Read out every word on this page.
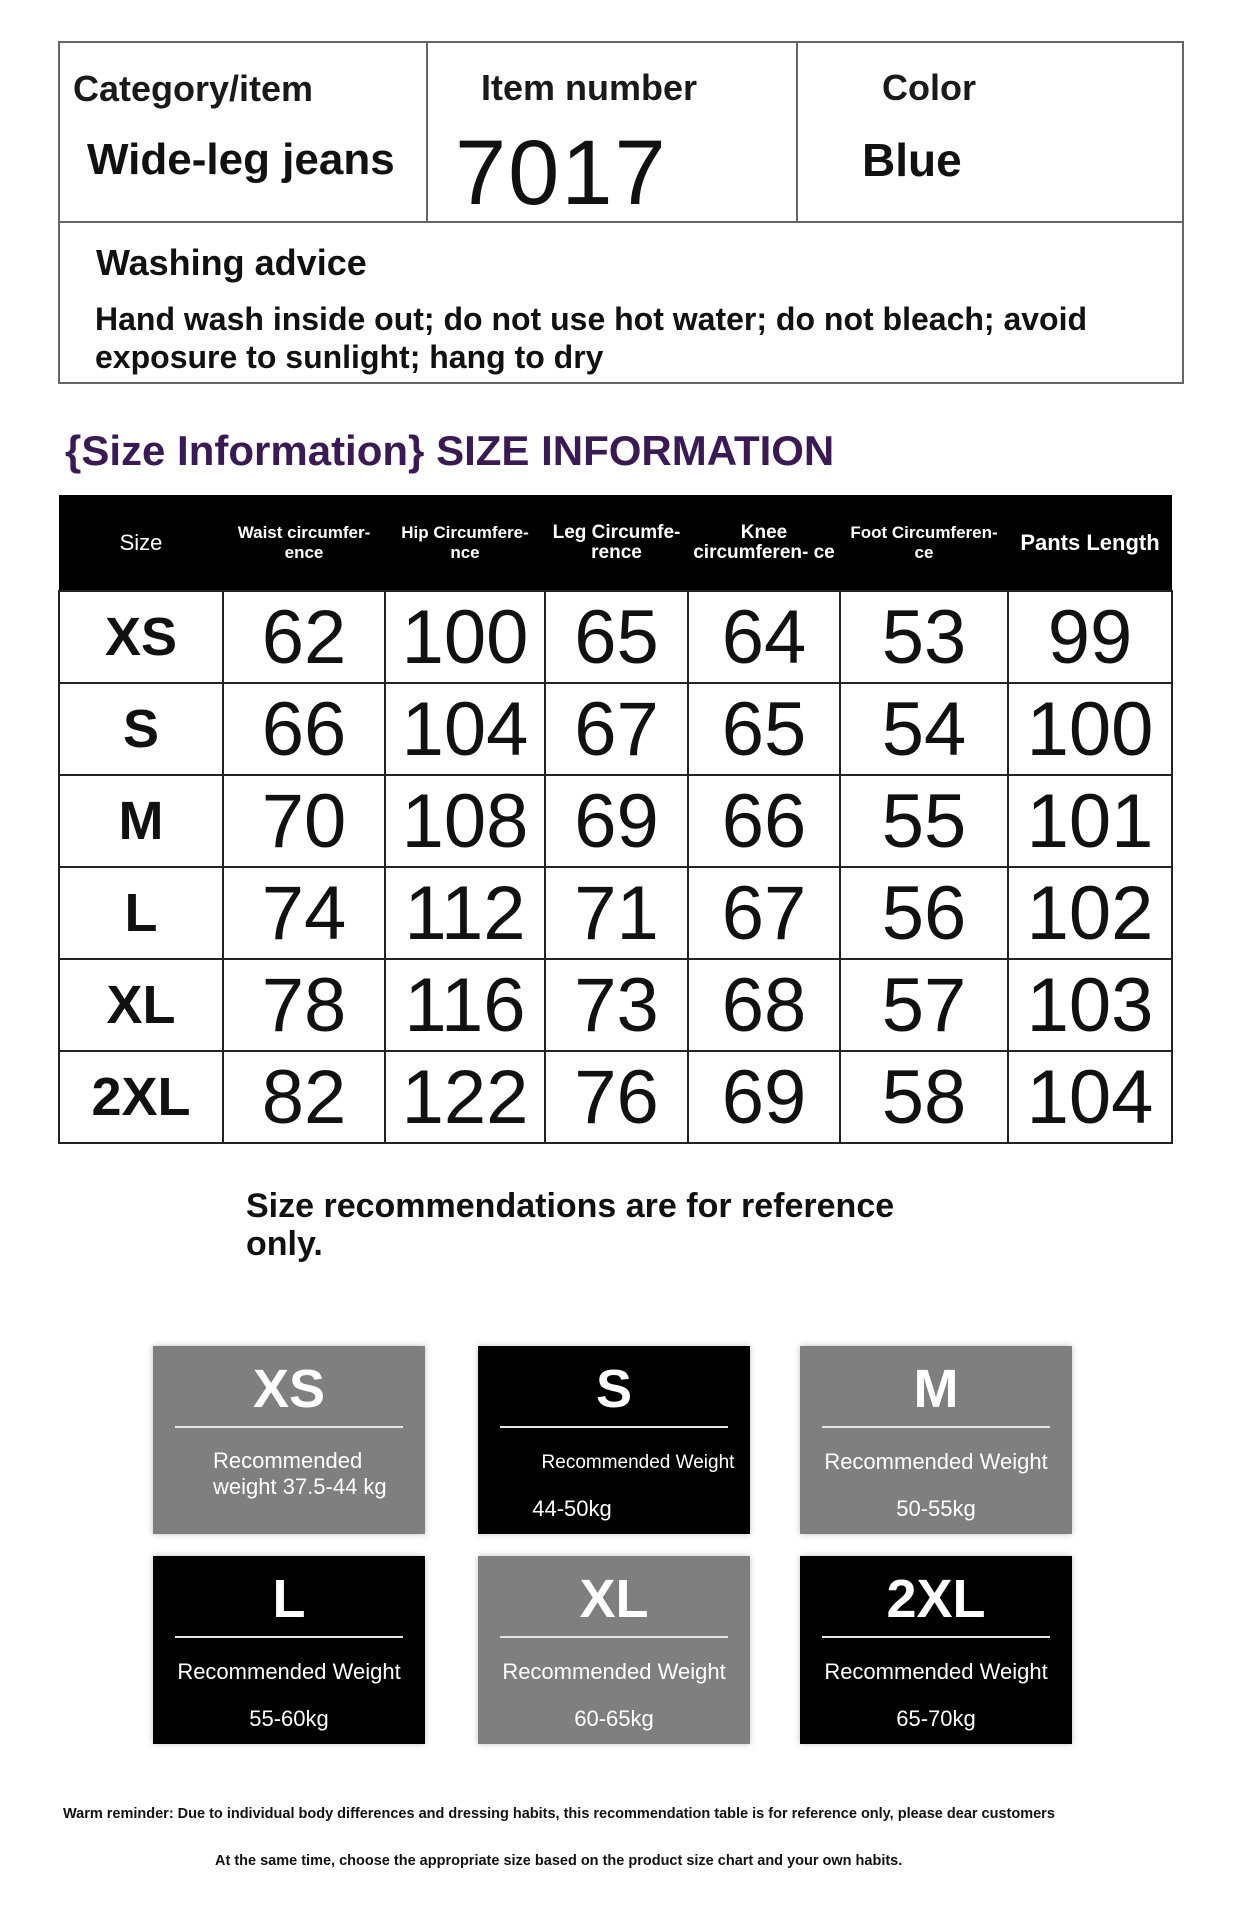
Category/item
Wide-leg jeans
Item number
7017
Color
Blue
Washing advice
Hand wash inside out; do not use hot water; do not bleach; avoid exposure to sunlight; hang to dry
{Size Information} SIZE INFORMATION
Size	Waist circumfer- ence	Hip Circumfere- nce	Leg Circumfe- rence	Knee circumferen- ce	Foot Circumferen- ce	Pants Length
XS	62	100	65	64	53	99
S	66	104	67	65	54	100
M	70	108	69	66	55	101
L	74	112	71	67	56	102
XL	78	116	73	68	57	103
2XL	82	122	76	69	58	104
Size recommendations are for reference only.
XS
Recommended weight 37.5-44 kg
S
Recommended Weight
44-50kg
M
Recommended Weight
50-55kg
L
Recommended Weight
55-60kg
XL
Recommended Weight
60-65kg
2XL
Recommended Weight
65-70kg
Warm reminder: Due to individual body differences and dressing habits, this recommendation table is for reference only, please dear customers
At the same time, choose the appropriate size based on the product size chart and your own habits.
